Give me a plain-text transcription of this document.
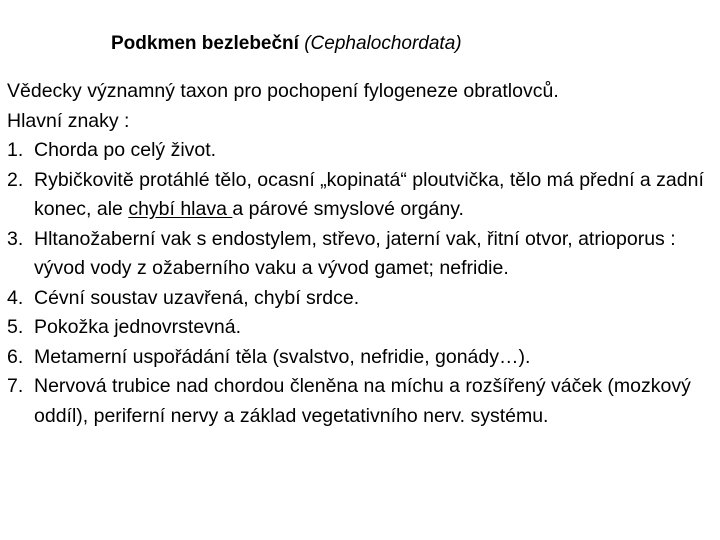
Podkmen bezlebeční (Cephalochordata)

Vědecky významný taxon pro pochopení fylogeneze obratlovců.

Hlavní znaky :

1. Chorda po celý život.
2. Rybičkovitě protáhlé tělo, ocasní „kopinatá“ ploutvička, tělo má přední a zadní konec, ale chybí hlava a párové smyslové orgány.
3. Hltanožaberní vak s endostylem, střevo, jaterní vak, řitní otvor, atrioporus : vývod vody z ožaberního vaku a vývod gamet; nefridie.
4. Cévní soustav uzavřená, chybí srdce.
5. Pokožka jednovrstevná.
6. Metamerní uspořádání těla (svalstvo, nefridie, gonády…).
7. Nervová trubice nad chordou členěna na míchu a rozšířený váček (mozkový oddíl), periferní nervy a základ vegetativního nerv. systému.
